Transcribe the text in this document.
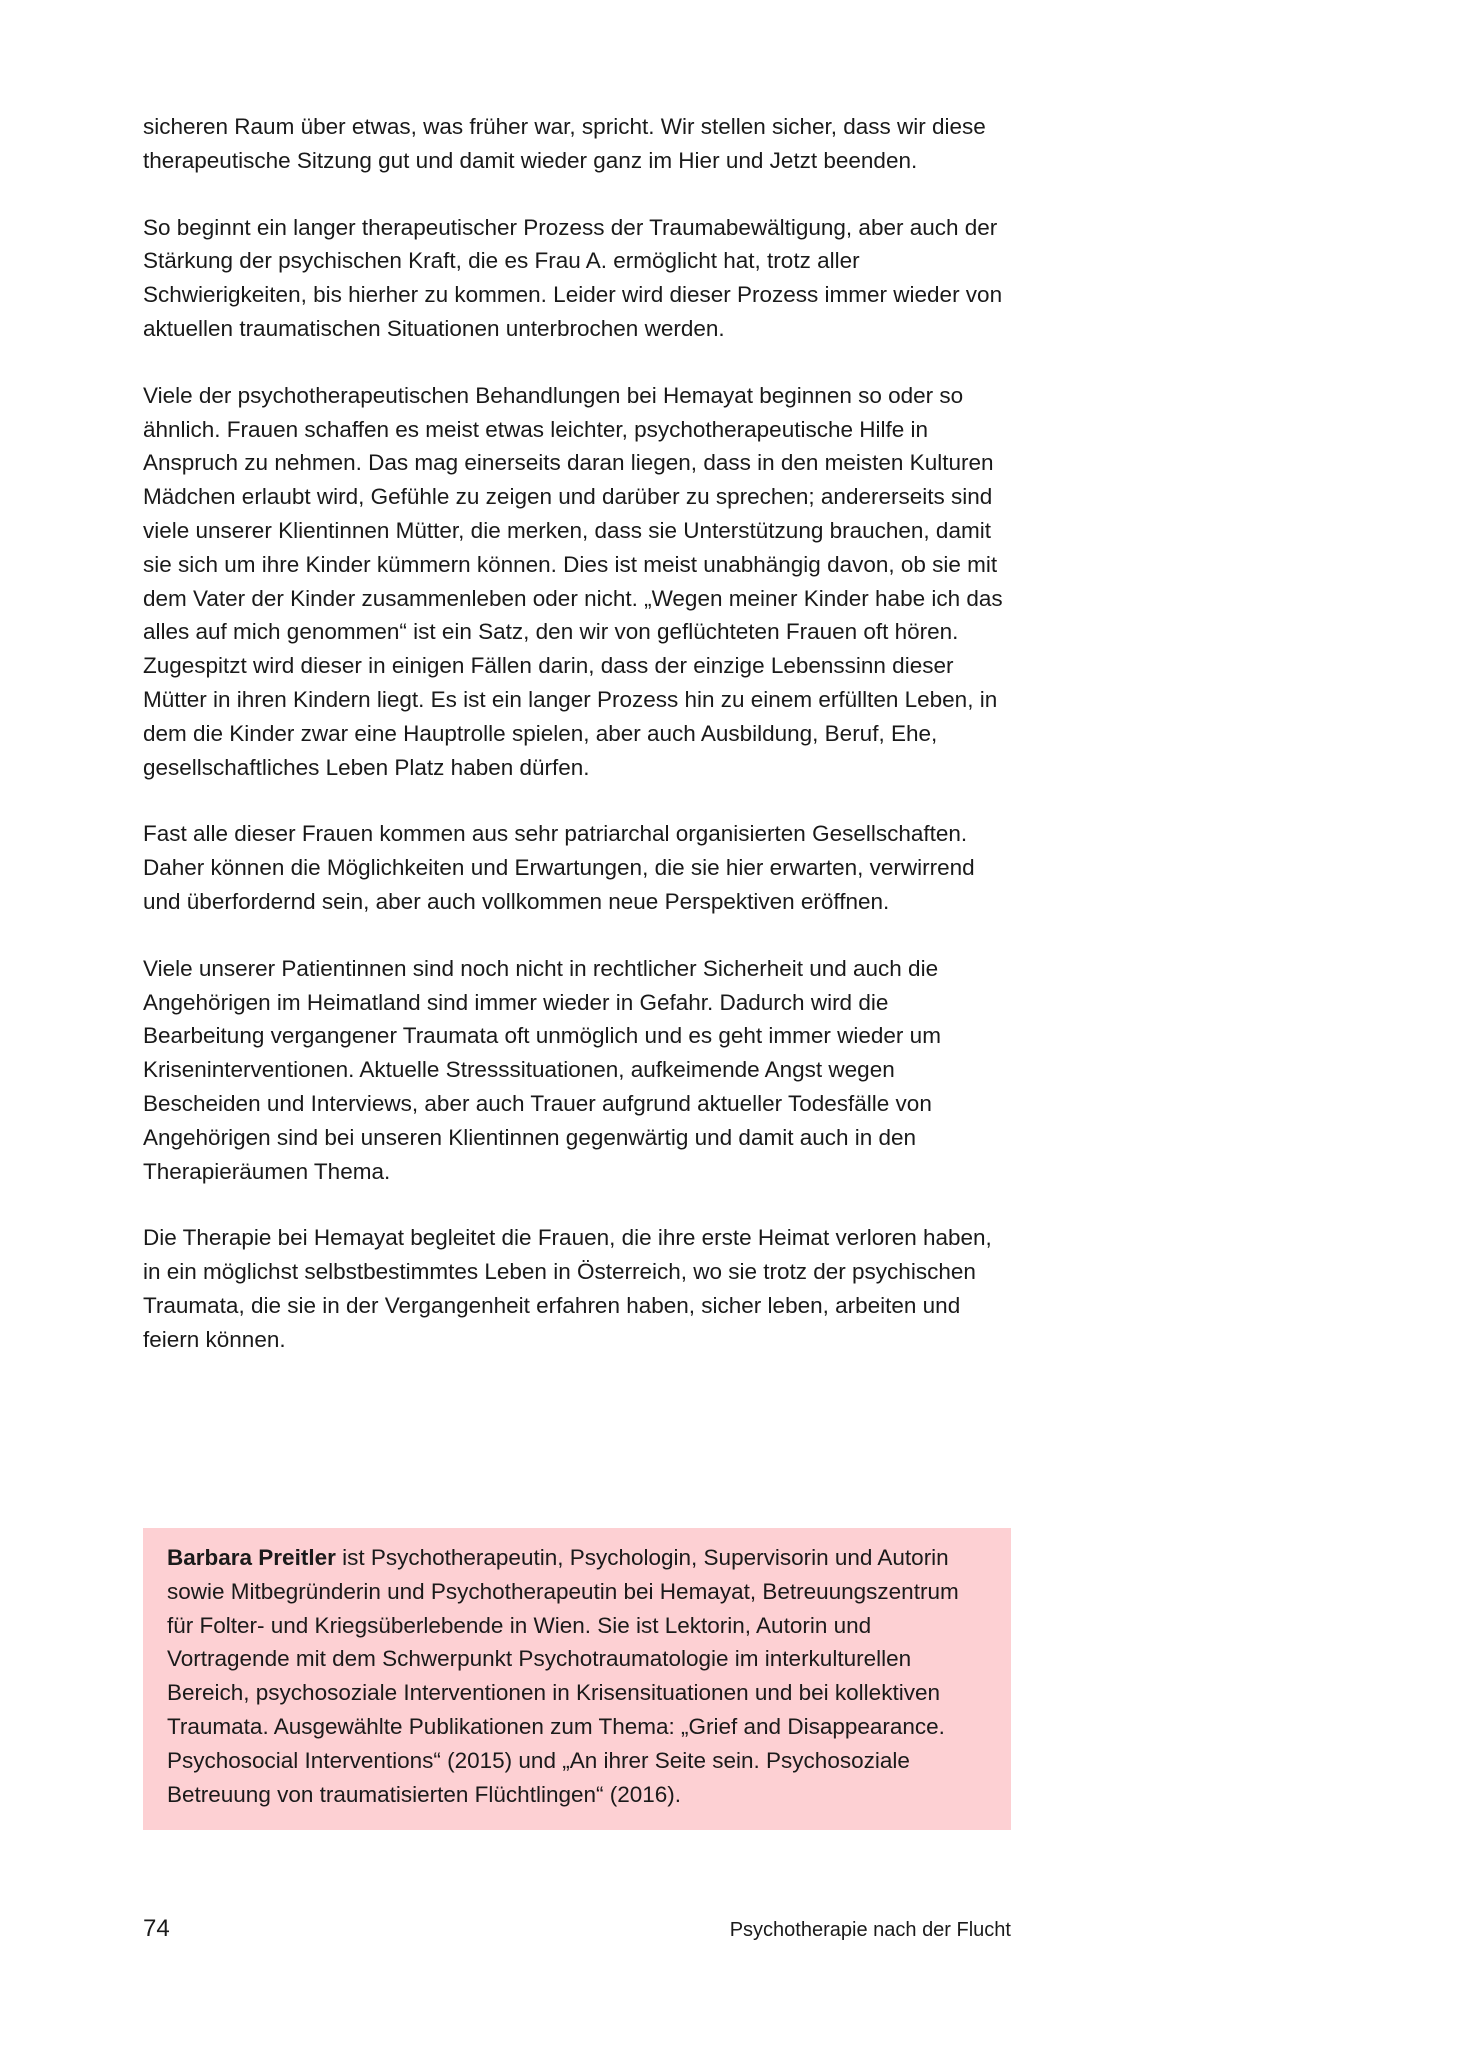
sicheren Raum über etwas, was früher war, spricht. Wir stellen sicher, dass wir diese therapeutische Sitzung gut und damit wieder ganz im Hier und Jetzt beenden.

So beginnt ein langer therapeutischer Prozess der Traumabewältigung, aber auch der Stärkung der psychischen Kraft, die es Frau A. ermöglicht hat, trotz aller Schwierigkeiten, bis hierher zu kommen. Leider wird dieser Prozess immer wieder von aktuellen traumatischen Situationen unterbrochen werden.

Viele der psychotherapeutischen Behandlungen bei Hemayat beginnen so oder so ähnlich. Frauen schaffen es meist etwas leichter, psychotherapeutische Hilfe in Anspruch zu nehmen. Das mag einerseits daran liegen, dass in den meisten Kulturen Mädchen erlaubt wird, Gefühle zu zeigen und darüber zu sprechen; andererseits sind viele unserer Klientinnen Mütter, die merken, dass sie Unterstützung brauchen, damit sie sich um ihre Kinder kümmern können. Dies ist meist unabhängig davon, ob sie mit dem Vater der Kinder zusammenleben oder nicht. „Wegen meiner Kinder habe ich das alles auf mich genommen“ ist ein Satz, den wir von geflüchteten Frauen oft hören. Zugespitzt wird dieser in einigen Fällen darin, dass der einzige Lebenssinn dieser Mütter in ihren Kindern liegt. Es ist ein langer Prozess hin zu einem erfüllten Leben, in dem die Kinder zwar eine Hauptrolle spielen, aber auch Ausbildung, Beruf, Ehe, gesellschaftliches Leben Platz haben dürfen.

Fast alle dieser Frauen kommen aus sehr patriarchal organisierten Gesellschaften. Daher können die Möglichkeiten und Erwartungen, die sie hier erwarten, verwirrend und überfordernd sein, aber auch vollkommen neue Perspektiven eröffnen.

Viele unserer Patientinnen sind noch nicht in rechtlicher Sicherheit und auch die Angehörigen im Heimatland sind immer wieder in Gefahr. Dadurch wird die Bearbeitung vergangener Traumata oft unmöglich und es geht immer wieder um Kriseninterventionen. Aktuelle Stresssituationen, aufkeimende Angst wegen Bescheiden und Interviews, aber auch Trauer aufgrund aktueller Todesfälle von Angehörigen sind bei unseren Klientinnen gegenwärtig und damit auch in den Therapieräumen Thema.

Die Therapie bei Hemayat begleitet die Frauen, die ihre erste Heimat verloren haben, in ein möglichst selbstbestimmtes Leben in Österreich, wo sie trotz der psychischen Traumata, die sie in der Vergangenheit erfahren haben, sicher leben, arbeiten und feiern können.

Barbara Preitler ist Psychotherapeutin, Psychologin, Supervisorin und Autorin sowie Mitbegründerin und Psychotherapeutin bei Hemayat, Betreuungszentrum für Folter- und Kriegsüberlebende in Wien. Sie ist Lektorin, Autorin und Vortragende mit dem Schwerpunkt Psychotraumatologie im interkulturellen Bereich, psychosoziale Interventionen in Krisensituationen und bei kollektiven Traumata. Ausgewählte Publikationen zum Thema: „Grief and Disappearance. Psychosocial Interventions“ (2015) und „An ihrer Seite sein. Psychosoziale Betreuung von traumatisierten Flüchtlingen“ (2016).

74	Psychotherapie nach der Flucht
